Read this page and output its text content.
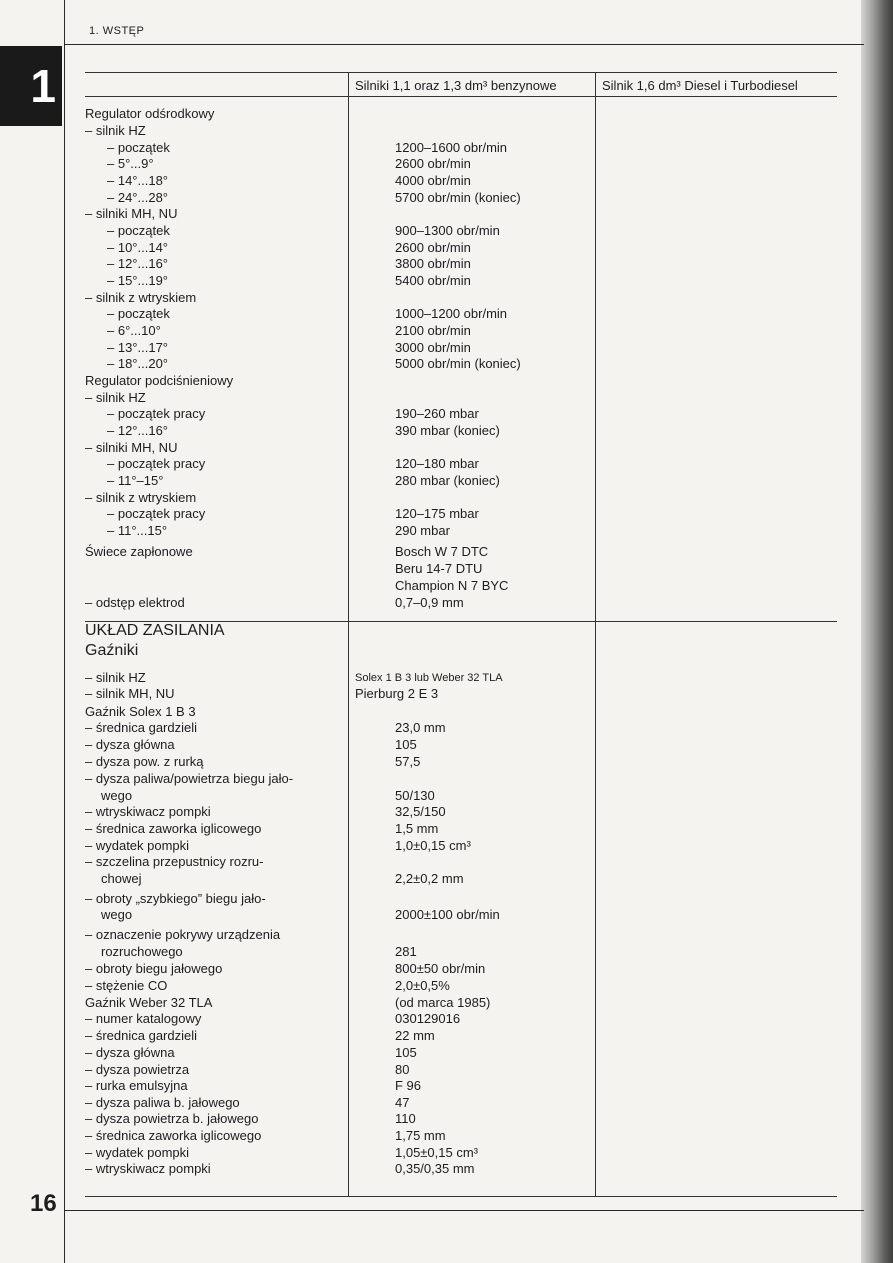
1
1. WSTĘP
Silniki 1,1 oraz 1,3 dm³ benzynowe	Silnik 1,6 dm³ Diesel i Turbodiesel
Regulator odśrodkowy
– silnik HZ
– początek	1200–1600 obr/min
– 5°...9°	2600 obr/min
– 14°...18°	4000 obr/min
– 24°...28°	5700 obr/min (koniec)
– silniki MH, NU
– początek	900–1300 obr/min
– 10°...14°	2600 obr/min
– 12°...16°	3800 obr/min
– 15°...19°	5400 obr/min
– silnik z wtryskiem
– początek	1000–1200 obr/min
– 6°...10°	2100 obr/min
– 13°...17°	3000 obr/min
– 18°...20°	5000 obr/min (koniec)
Regulator podciśnieniowy
– silnik HZ
– początek pracy	190–260 mbar
– 12°...16°	390 mbar (koniec)
– silniki MH, NU
– początek pracy	120–180 mbar
– 11°–15°	280 mbar (koniec)
– silnik z wtryskiem
– początek pracy	120–175 mbar
– 11°...15°	290 mbar
Świece zapłonowe	Bosch W 7 DTC
Beru 14-7 DTU
Champion N 7 BYC
– odstęp elektrod	0,7–0,9 mm
UKŁAD ZASILANIA
Gaźniki
– silnik HZ	Solex 1 B 3 lub Weber 32 TLA
– silnik MH, NU	Pierburg 2 E 3
Gaźnik Solex 1 B 3
– średnica gardzieli	23,0 mm
– dysza główna	105
– dysza pow. z rurką	57,5
– dysza paliwa/powietrza biegu jało-
wego	50/130
– wtryskiwacz pompki	32,5/150
– średnica zaworka iglicowego	1,5 mm
– wydatek pompki	1,0±0,15 cm³
– szczelina przepustnicy rozru-
chowej	2,2±0,2 mm
– obroty „szybkiego” biegu jało-
wego	2000±100 obr/min
– oznaczenie pokrywy urządzenia
rozruchowego	281
– obroty biegu jałowego	800±50 obr/min
– stężenie CO	2,0±0,5%
Gaźnik Weber 32 TLA	(od marca 1985)
– numer katalogowy	030129016
– średnica gardzieli	22 mm
– dysza główna	105
– dysza powietrza	80
– rurka emulsyjna	F 96
– dysza paliwa b. jałowego	47
– dysza powietrza b. jałowego	110
– średnica zaworka iglicowego	1,75 mm
– wydatek pompki	1,05±0,15 cm³
– wtryskiwacz pompki	0,35/0,35 mm
16
